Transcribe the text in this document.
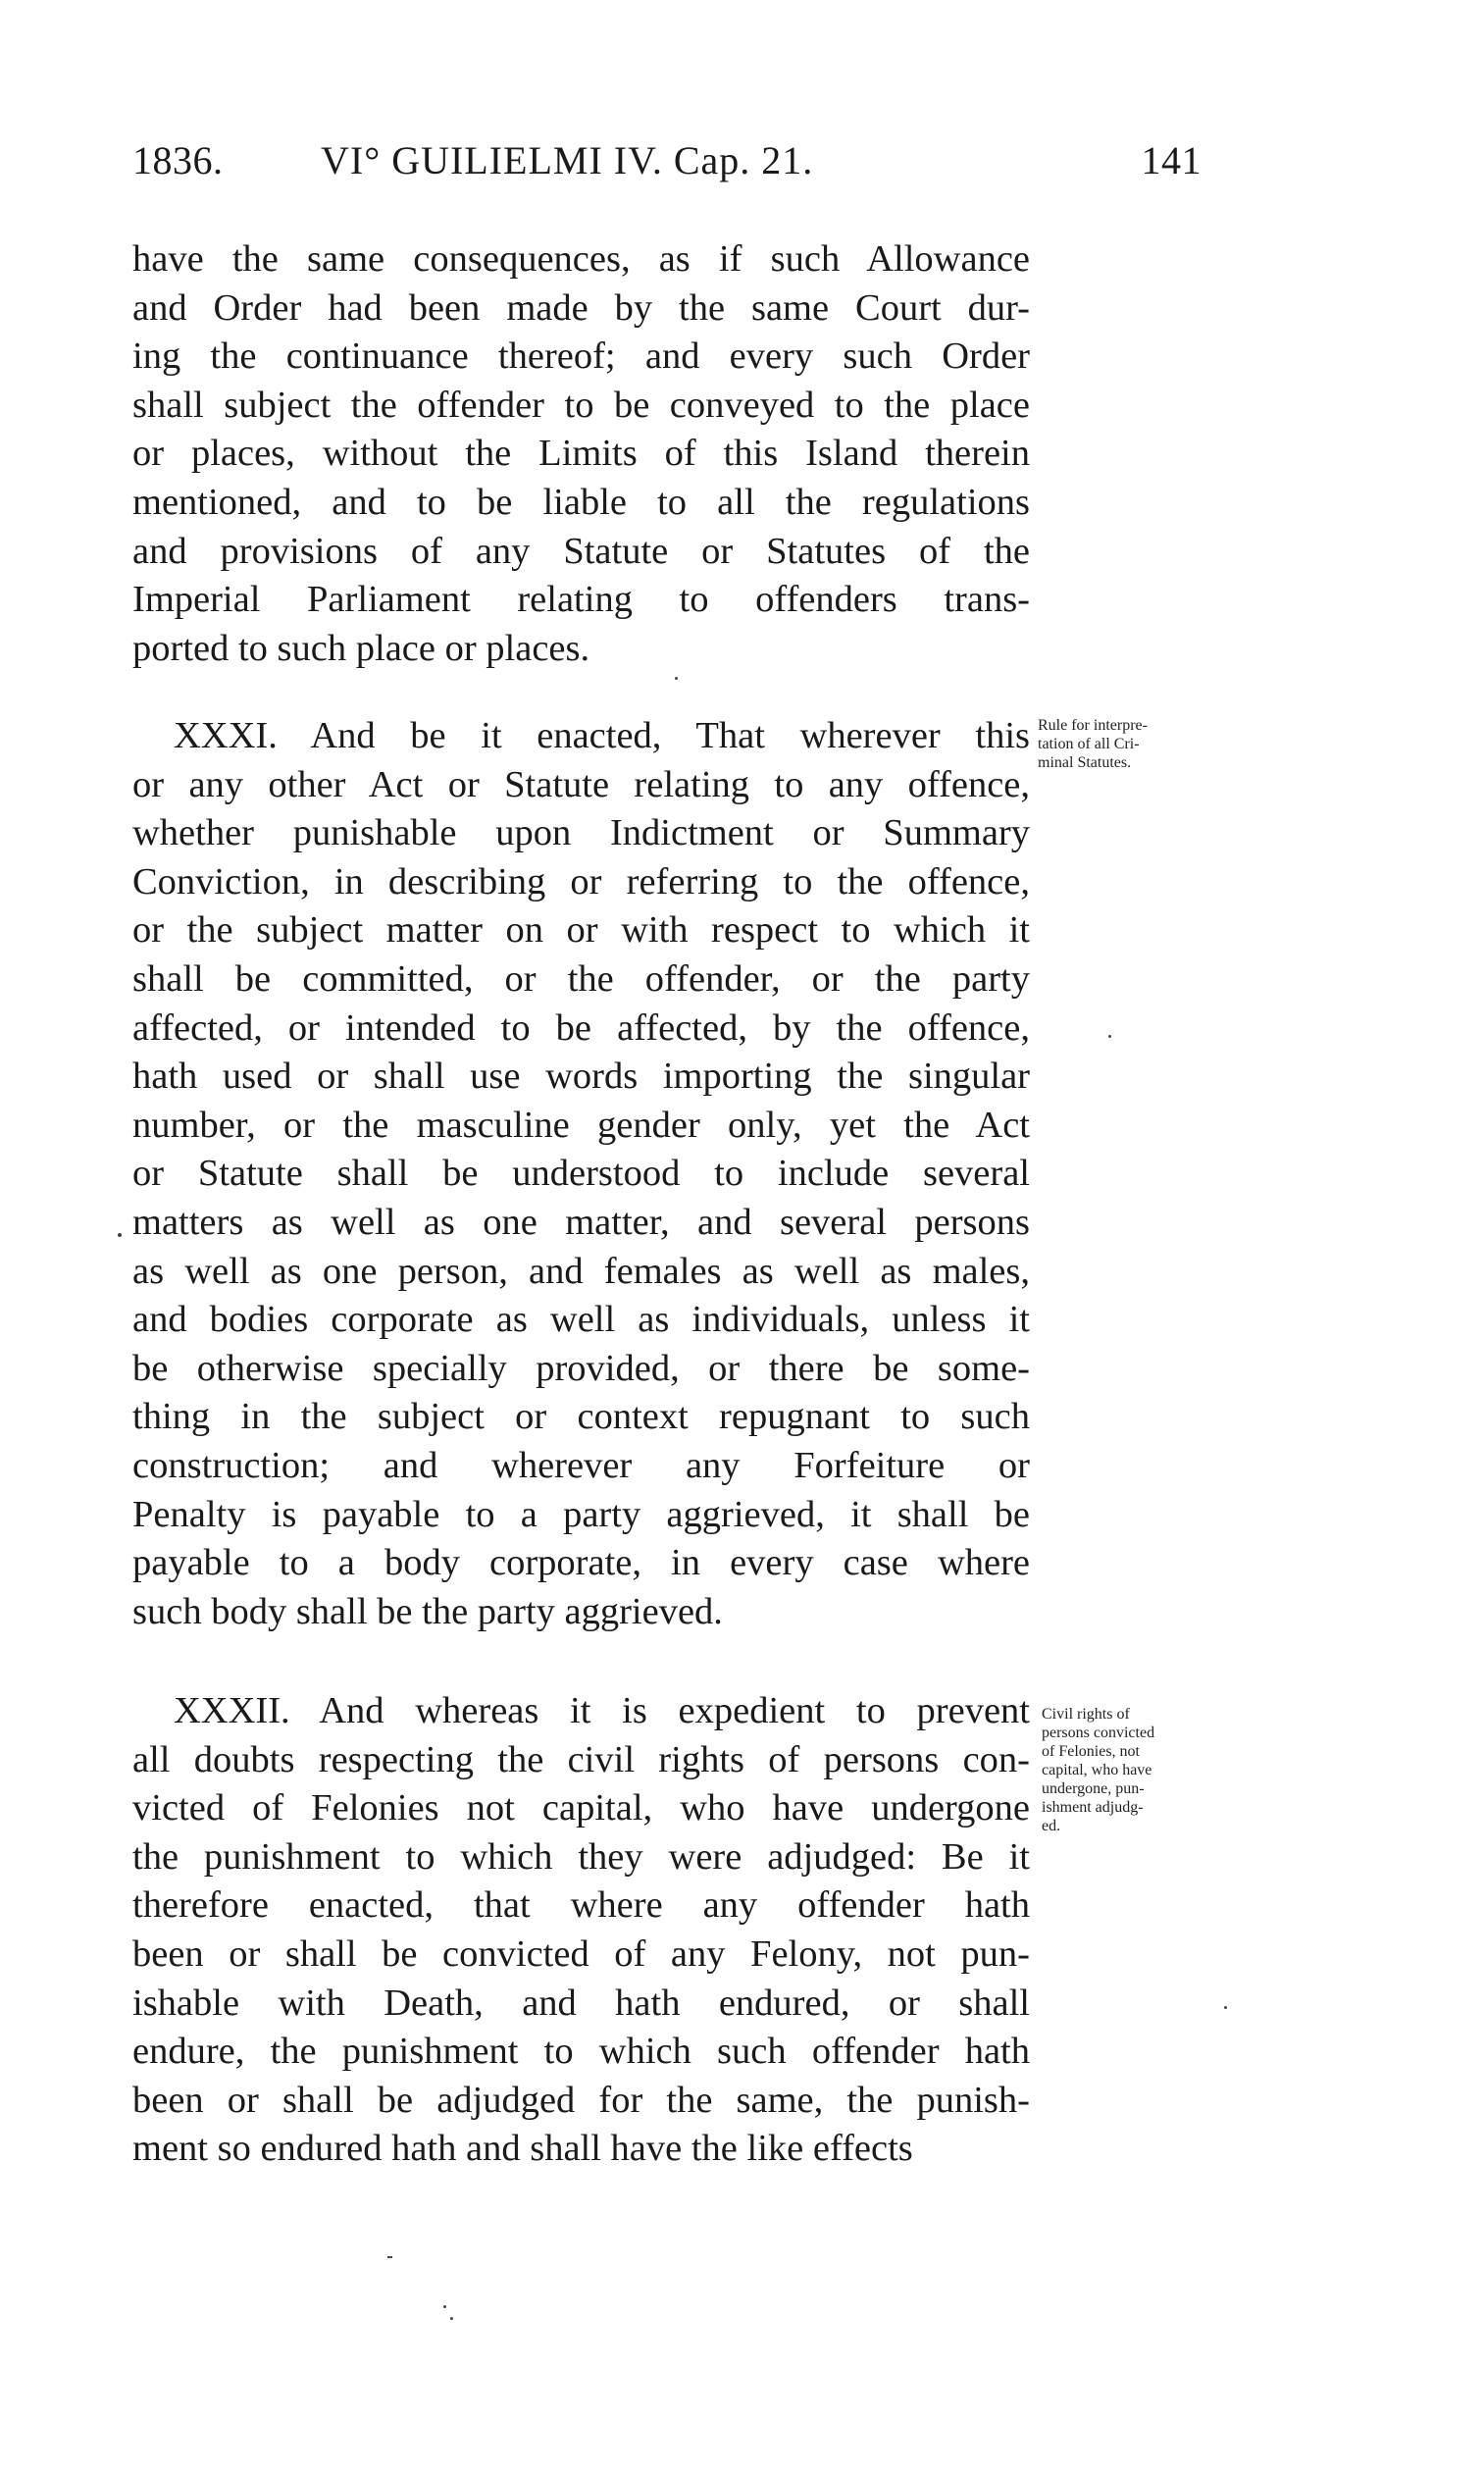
1836. VI° GUILIELMI IV. Cap. 21.	141
have the same consequences, as if such Allowance
and Order had been made by the same Court dur-
ing the continuance thereof; and every such Order
shall subject the offender to be conveyed to the place
or places, without the Limits of this Island therein
mentioned, and to be liable to all the regulations
and provisions of any Statute or Statutes of the
Imperial Parliament relating to offenders trans-
ported to such place or places.
XXXI. And be it enacted, That wherever this
or any other Act or Statute relating to any offence,
whether punishable upon Indictment or Summary
Conviction, in describing or referring to the offence,
or the subject matter on or with respect to which it
shall be committed, or the offender, or the party
affected, or intended to be affected, by the offence,
hath used or shall use words importing the singular
number, or the masculine gender only, yet the Act
or Statute shall be understood to include several
matters as well as one matter, and several persons
as well as one person, and females as well as males,
and bodies corporate as well as individuals, unless it
be otherwise specially provided, or there be some-
thing in the subject or context repugnant to such
construction; and wherever any Forfeiture or
Penalty is payable to a party aggrieved, it shall be
payable to a body corporate, in every case where
such body shall be the party aggrieved.
Rule for interpre-
tation of all Cri-
minal Statutes.
XXXII. And whereas it is expedient to prevent
all doubts respecting the civil rights of persons con-
victed of Felonies not capital, who have undergone
the punishment to which they were adjudged: Be it
therefore enacted, that where any offender hath
been or shall be convicted of any Felony, not pun-
ishable with Death, and hath endured, or shall
endure, the punishment to which such offender hath
been or shall be adjudged for the same, the punish-
ment so endured hath and shall have the like effects
Civil rights of
persons convicted
of Felonies, not
capital, who have
undergone, pun-
ishment adjudg-
ed.
